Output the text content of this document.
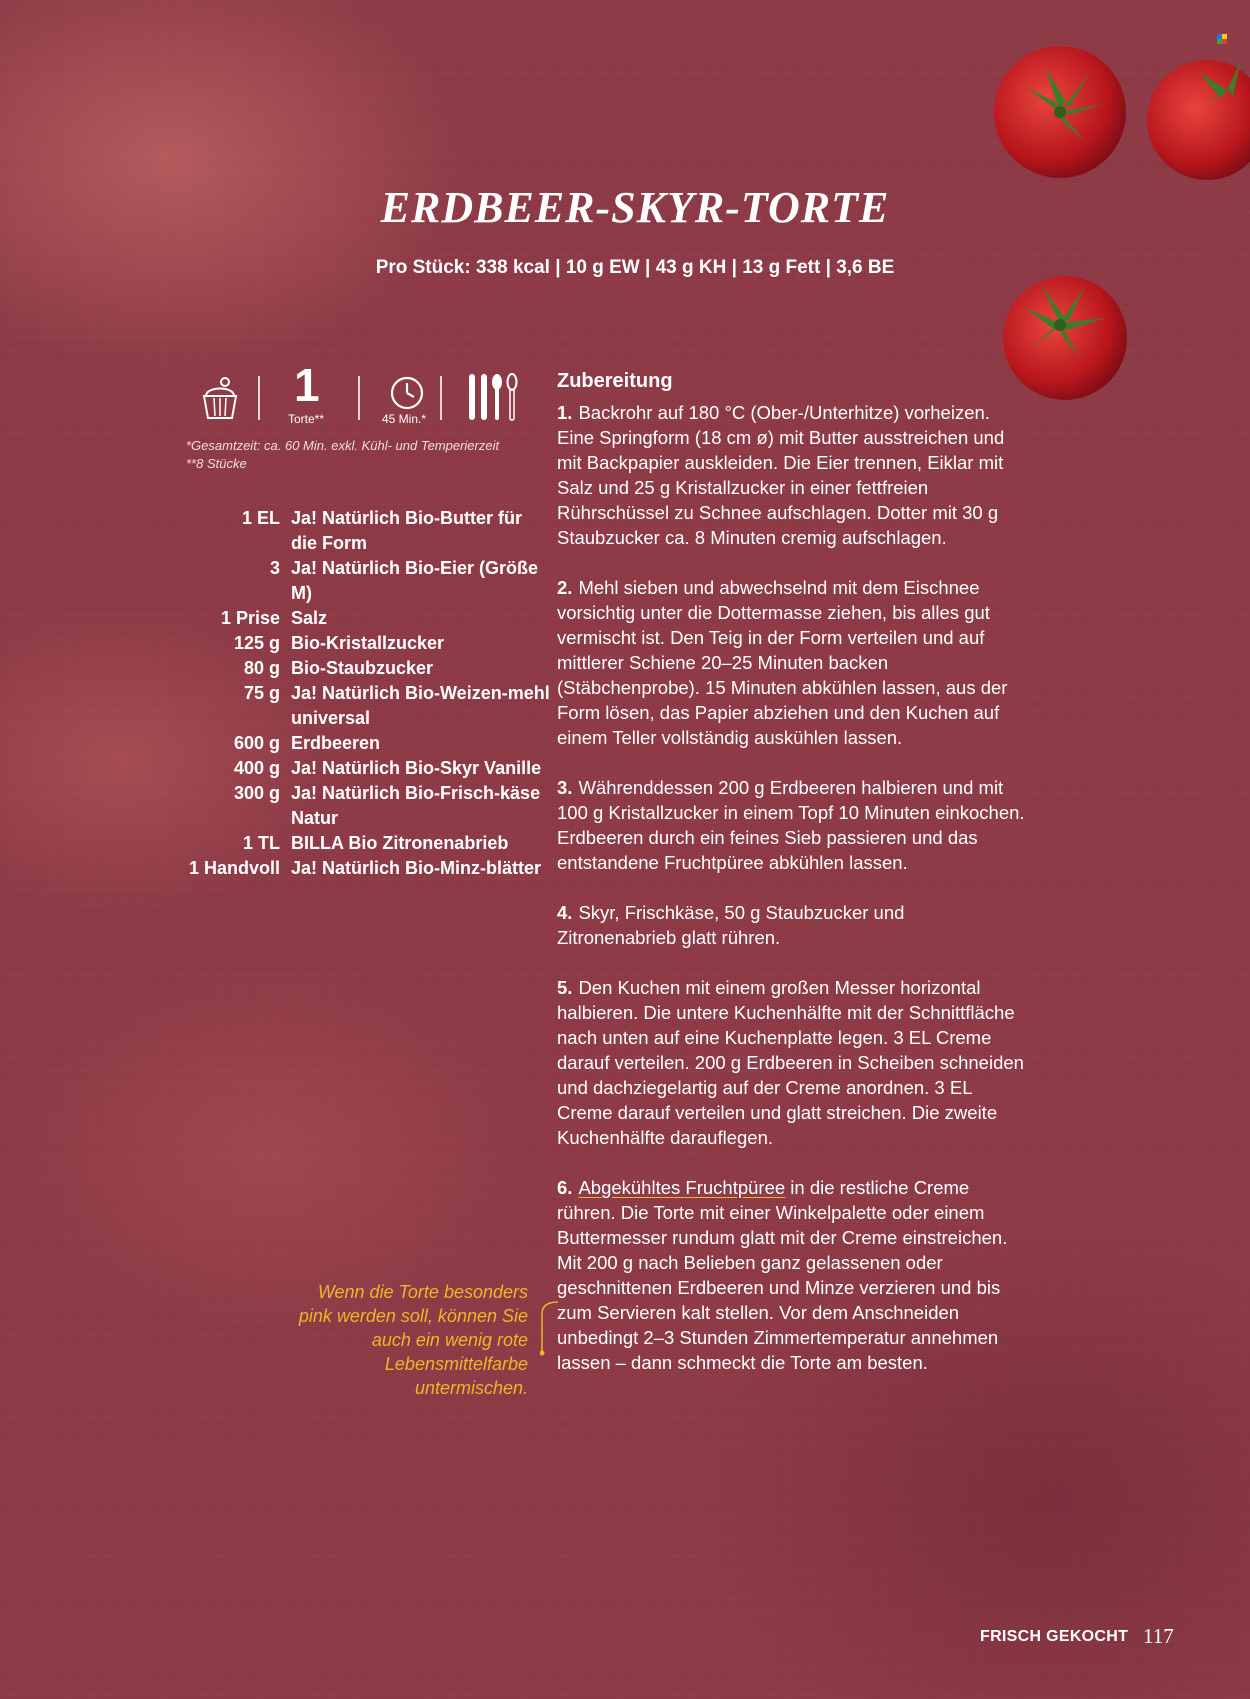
ERDBEER-SKYR-TORTE
Pro Stück: 338 kcal | 10 g EW | 43 g KH | 13 g Fett | 3,6 BE
1
Torte**	45 Min.*
*Gesamtzeit: ca. 60 Min. exkl. Kühl- und Temperierzeit
**8 Stücke
1 EL Ja! Natürlich Bio-Butter für die Form
3 Ja! Natürlich Bio-Eier (Größe M)
1 Prise Salz
125 g Bio-Kristallzucker
80 g Bio-Staubzucker
75 g Ja! Natürlich Bio-Weizen-mehl universal
600 g Erdbeeren
400 g Ja! Natürlich Bio-Skyr Vanille
300 g Ja! Natürlich Bio-Frisch-käse Natur
1 TL BILLA Bio Zitronenabrieb
1 Handvoll Ja! Natürlich Bio-Minz-blätter
Wenn die Torte besonders pink werden soll, können Sie auch ein wenig rote Lebensmittelfarbe untermischen.
Zubereitung
1. Backrohr auf 180 °C (Ober-/Unterhitze) vorheizen. Eine Springform (18 cm ø) mit Butter ausstreichen und mit Backpapier auskleiden. Die Eier trennen, Eiklar mit Salz und 25 g Kristallzucker in einer fettfreien Rührschüssel zu Schnee aufschlagen. Dotter mit 30 g Staubzucker ca. 8 Minuten cremig aufschlagen.
2. Mehl sieben und abwechselnd mit dem Eischnee vorsichtig unter die Dottermasse ziehen, bis alles gut vermischt ist. Den Teig in der Form verteilen und auf mittlerer Schiene 20–25 Minuten backen (Stäbchenprobe). 15 Minuten abkühlen lassen, aus der Form lösen, das Papier abziehen und den Kuchen auf einem Teller vollständig auskühlen lassen.
3. Währenddessen 200 g Erdbeeren halbieren und mit 100 g Kristallzucker in einem Topf 10 Minuten einkochen. Erdbeeren durch ein feines Sieb passieren und das entstandene Fruchtpüree abkühlen lassen.
4. Skyr, Frischkäse, 50 g Staubzucker und Zitronenabrieb glatt rühren.
5. Den Kuchen mit einem großen Messer horizontal halbieren. Die untere Kuchenhälfte mit der Schnittfläche nach unten auf eine Kuchenplatte legen. 3 EL Creme darauf verteilen. 200 g Erdbeeren in Scheiben schneiden und dachziegelartig auf der Creme anordnen. 3 EL Creme darauf verteilen und glatt streichen. Die zweite Kuchenhälfte darauflegen.
6. Abgekühltes Fruchtpüree in die restliche Creme rühren. Die Torte mit einer Winkelpalette oder einem Buttermesser rundum glatt mit der Creme einstreichen. Mit 200 g nach Belieben ganz gelassenen oder geschnittenen Erdbeeren und Minze verzieren und bis zum Servieren kalt stellen. Vor dem Anschneiden unbedingt 2–3 Stunden Zimmertemperatur annehmen lassen – dann schmeckt die Torte am besten.
FRISCH GEKOCHT 117
